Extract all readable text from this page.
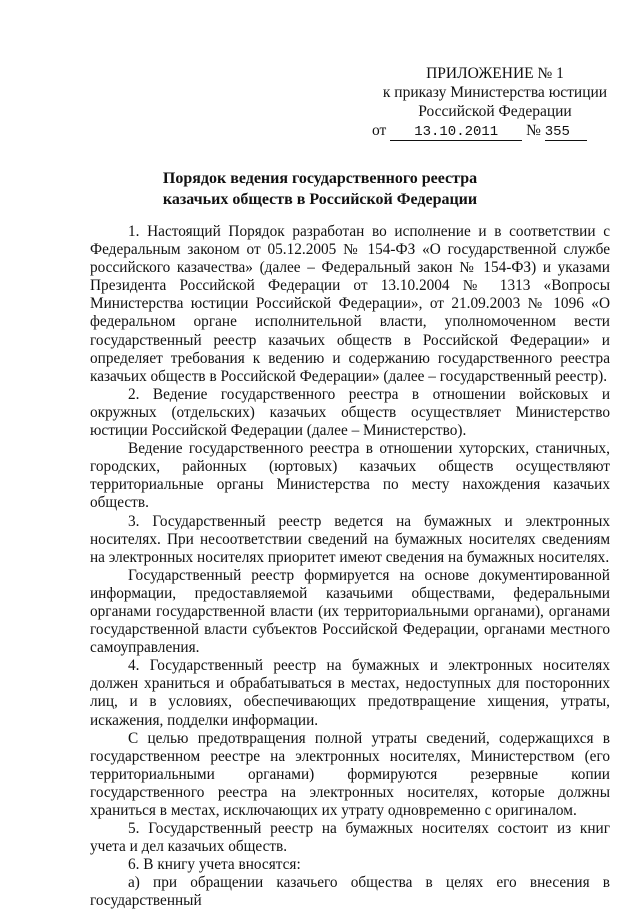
ПРИЛОЖЕНИЕ № 1
к приказу Министерства юстиции
Российской Федерации
от 13.10.2011 № 355
Порядок ведения государственного реестра
казачьих обществ в Российской Федерации

1. Настоящий Порядок разработан во исполнение и в соответствии с Федеральным законом от 05.12.2005 № 154-ФЗ «О государственной службе российского казачества» (далее – Федеральный закон № 154-ФЗ) и указами Президента Российской Федерации от 13.10.2004 № 1313 «Вопросы Министерства юстиции Российской Федерации», от 21.09.2003 № 1096 «О федеральном органе исполнительной власти, уполномоченном вести государственный реестр казачьих обществ в Российской Федерации» и определяет требования к ведению и содержанию государственного реестра казачьих обществ в Российской Федерации» (далее – государственный реестр).

2. Ведение государственного реестра в отношении войсковых и окружных (отдельских) казачьих обществ осуществляет Министерство юстиции Российской Федерации (далее – Министерство).

Ведение государственного реестра в отношении хуторских, станичных, городских, районных (юртовых) казачьих обществ осуществляют территориальные органы Министерства по месту нахождения казачьих обществ.

3. Государственный реестр ведется на бумажных и электронных носителях. При несоответствии сведений на бумажных носителях сведениям на электронных носителях приоритет имеют сведения на бумажных носителях.

Государственный реестр формируется на основе документированной информации, предоставляемой казачьими обществами, федеральными органами государственной власти (их территориальными органами), органами государственной власти субъектов Российской Федерации, органами местного самоуправления.

4. Государственный реестр на бумажных и электронных носителях должен храниться и обрабатываться в местах, недоступных для посторонних лиц, и в условиях, обеспечивающих предотвращение хищения, утраты, искажения, подделки информации.

С целью предотвращения полной утраты сведений, содержащихся в государственном реестре на электронных носителях, Министерством (его территориальными органами) формируются резервные копии государственного реестра на электронных носителях, которые должны храниться в местах, исключающих их утрату одновременно с оригиналом.

5. Государственный реестр на бумажных носителях состоит из книг учета и дел казачьих обществ.

6. В книгу учета вносятся:

а) при обращении казачьего общества в целях его внесения в государственный
